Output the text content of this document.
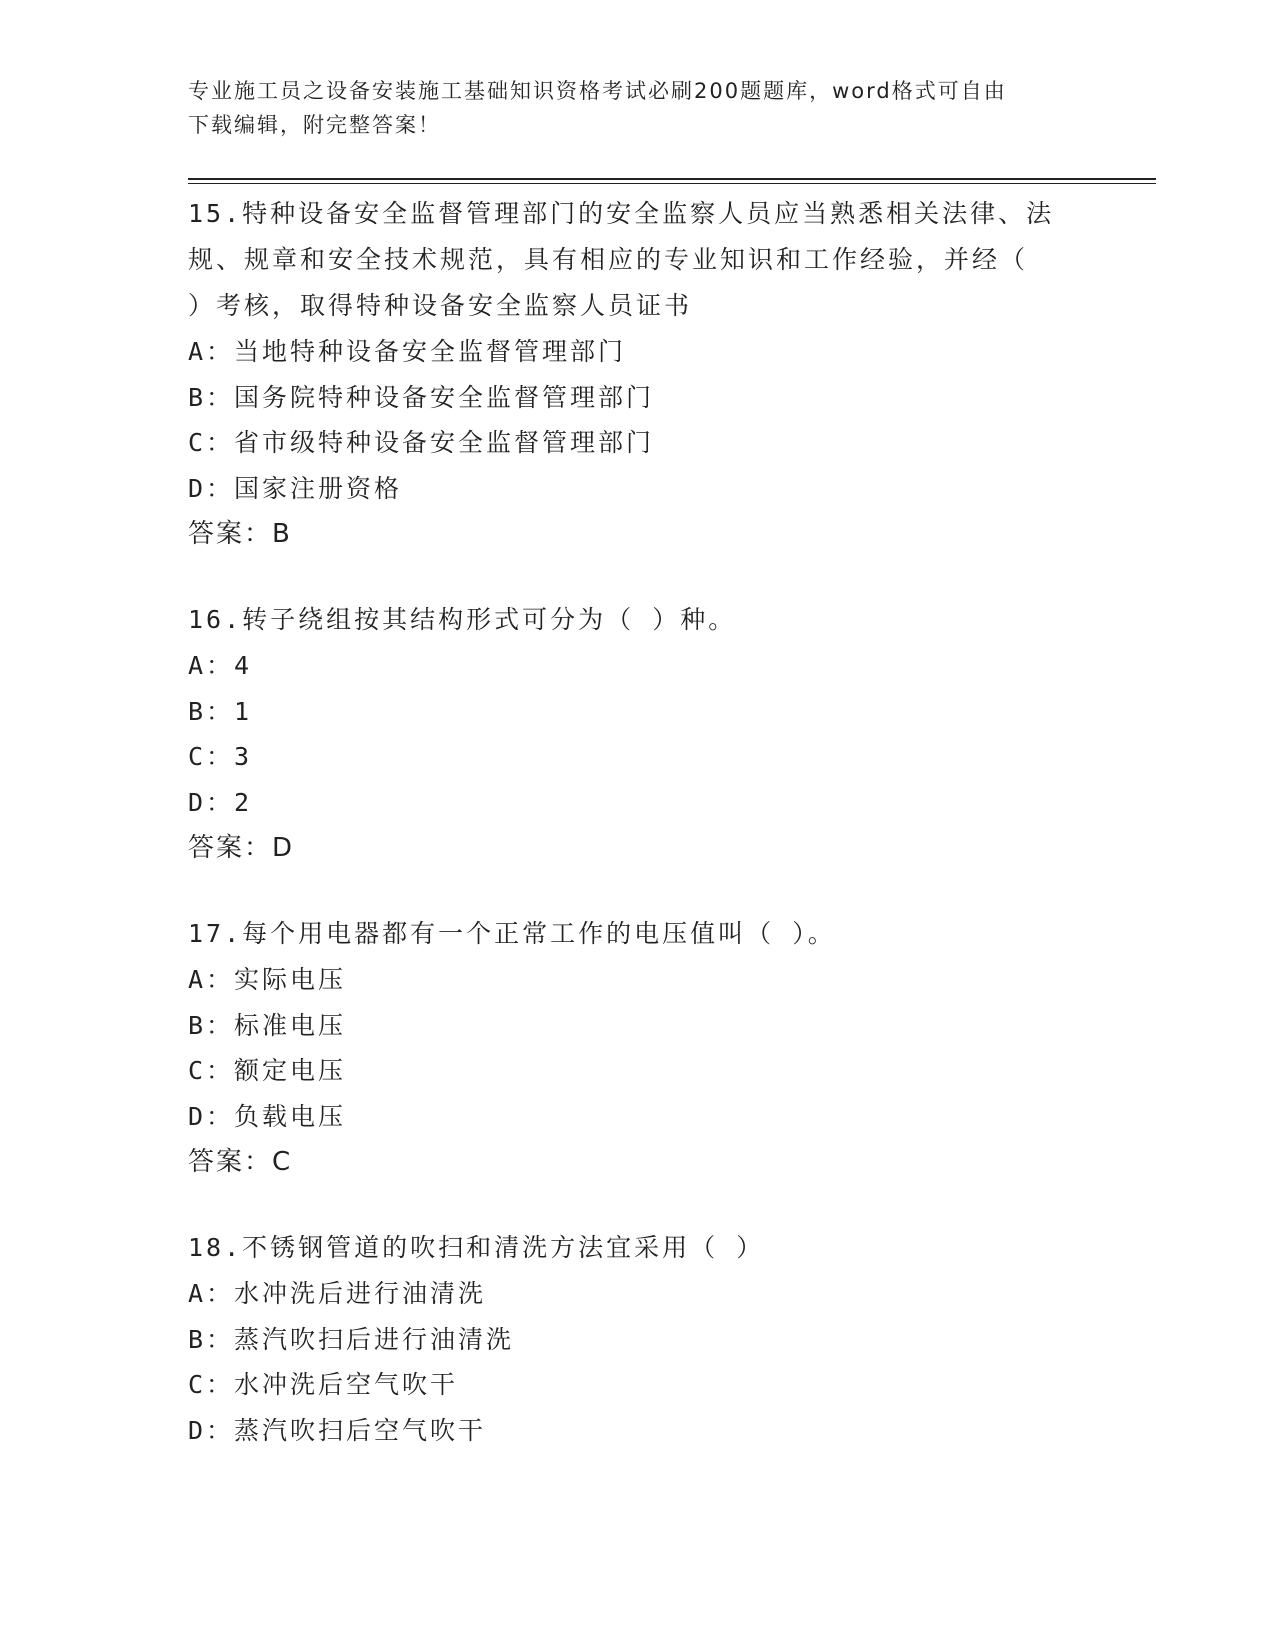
专业施工员之设备安装施工基础知识资格考试必刷200题题库，word格式可自由
下载编辑，附完整答案！

15.特种设备安全监督管理部门的安全监察人员应当熟悉相关法律、法

规、规章和安全技术规范，具有相应的专业知识和工作经验，并经（

）考核，取得特种设备安全监察人员证书

A：当地特种设备安全监督管理部门

B：国务院特种设备安全监督管理部门

C：省市级特种设备安全监督管理部门

D：国家注册资格

答案：B

16.转子绕组按其结构形式可分为（ ）种。

A：4

B：1

C：3

D：2

答案：D

17.每个用电器都有一个正常工作的电压值叫（ ）。

A：实际电压

B：标准电压

C：额定电压

D：负载电压

答案：C

18.不锈钢管道的吹扫和清洗方法宜采用（ ）

A：水冲洗后进行油清洗

B：蒸汽吹扫后进行油清洗

C：水冲洗后空气吹干

D：蒸汽吹扫后空气吹干
